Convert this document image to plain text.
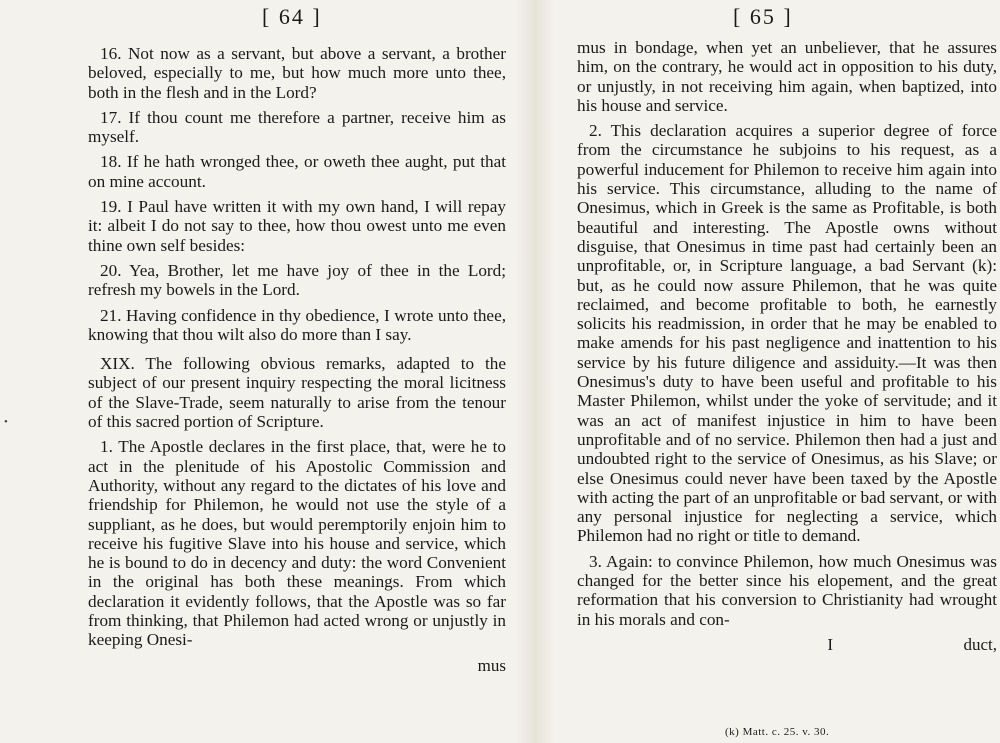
•
[ 64 ]

16. Not now as a servant, but above a servant, a brother beloved, especially to me, but how much more unto thee, both in the flesh and in the Lord?

17. If thou count me therefore a partner, receive him as myself.

18. If he hath wronged thee, or oweth thee aught, put that on mine account.

19. I Paul have written it with my own hand, I will repay it: albeit I do not say to thee, how thou owest unto me even thine own self besides:

20. Yea, Brother, let me have joy of thee in the Lord; refresh my bowels in the Lord.

21. Having confidence in thy obedience, I wrote unto thee, knowing that thou wilt also do more than I say.

XIX. The following obvious remarks, adapted to the subject of our present inquiry respecting the moral licitness of the Slave-Trade, seem naturally to arise from the tenour of this sacred portion of Scripture.

1. The Apostle declares in the first place, that, were he to act in the plenitude of his Apostolic Commission and Authority, without any regard to the dictates of his love and friendship for Philemon, he would not use the style of a suppliant, as he does, but would peremptorily enjoin him to receive his fugitive Slave into his house and service, which he is bound to do in decency and duty: the word Convenient in the original has both these meanings. From which declaration it evidently follows, that the Apostle was so far from thinking, that Philemon had acted wrong or unjustly in keeping Onesi-

mus

[ 65 ]

mus in bondage, when yet an unbeliever, that he assures him, on the contrary, he would act in opposition to his duty, or unjustly, in not receiving him again, when baptized, into his house and service.

2. This declaration acquires a superior degree of force from the circumstance he subjoins to his request, as a powerful inducement for Philemon to receive him again into his service. This circumstance, alluding to the name of Onesimus, which in Greek is the same as Profitable, is both beautiful and interesting. The Apostle owns without disguise, that Onesimus in time past had certainly been an unprofitable, or, in Scripture language, a bad Servant (k): but, as he could now assure Philemon, that he was quite reclaimed, and become profitable to both, he earnestly solicits his readmission, in order that he may be enabled to make amends for his past negligence and inattention to his service by his future diligence and assiduity.—It was then Onesimus's duty to have been useful and profitable to his Master Philemon, whilst under the yoke of servitude; and it was an act of manifest injustice in him to have been unprofitable and of no service. Philemon then had a just and undoubted right to the service of Onesimus, as his Slave; or else Onesimus could never have been taxed by the Apostle with acting the part of an unprofitable or bad servant, or with any personal injustice for neglecting a service, which Philemon had no right or title to demand.

3. Again: to convince Philemon, how much Onesimus was changed for the better since his elopement, and the great reformation that his conversion to Christianity had wrought in his morals and con-

I	duct,
(k) Matt. c. 25. v. 30.
